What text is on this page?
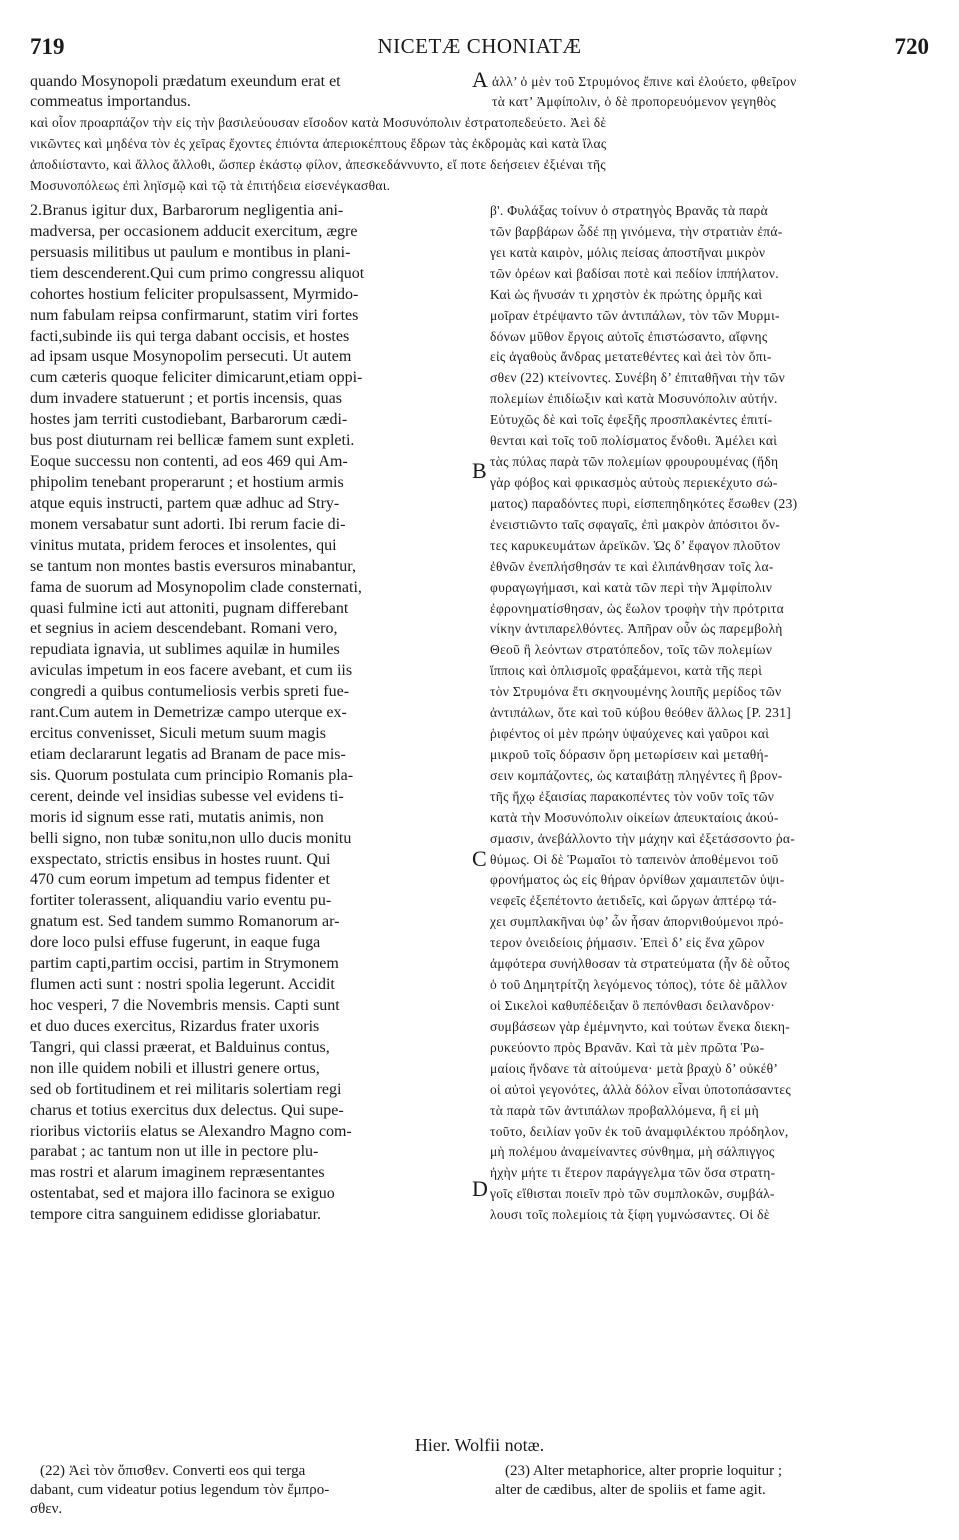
719	NICETÆ CHONIATÆ	720
quando Mosynopoli prædatum exeundum erat et
commeatus importandus.
ἀλλ’ ὁ μὲν τοῦ Στρυμόνος ἔπινε καὶ ἐλούετο, φθεῖρον
τὰ κατ’ Ἀμφίπολιν, ὁ δὲ προπορευόμενον γεγηθὸς
καὶ οἷον προαρπάζον τὴν εἰς τὴν βασιλεύουσαν εἴσοδον κατὰ Μοσυνόπολιν ἐστρατοπεδεύετο. Ἀεὶ δὲ
νικῶντες καὶ μηδένα τὸν ἐς χεῖρας ἔχοντες ἐπιόντα ἀπεριοκέπτους ἔδρων τὰς ἐκδρομὰς καὶ κατὰ ἴλας
ἀποδιίσταντο, καὶ ἄλλος ἄλλοθι, ὥσπερ ἑκάστῳ φίλον, ἀπεσκεδάννυντο, εἴ ποτε δεήσειεν ἐξιέναι τῆς
Μοσυνοπόλεως ἐπὶ ληϊσμῷ καὶ τῷ τὰ ἐπιτήδεια εἰσενέγκασθαι.
A
B
C
D
2.Branus igitur dux, Barbarorum negligentia ani-
madversa, per occasionem adducit exercitum, ægre
persuasis militibus ut paulum e montibus in plani-
tiem descenderent.Qui cum primo congressu aliquot
cohortes hostium feliciter propulsassent, Myrmido-
num fabulam reipsa confirmarunt, statim viri fortes
facti,subinde iis qui terga dabant occisis, et hostes
ad ipsam usque Mosynopolim persecuti. Ut autem
cum cæteris quoque feliciter dimicarunt,etiam oppi-
dum invadere statuerunt ; et portis incensis, quas
hostes jam territi custodiebant, Barbarorum cædi-
bus post diuturnam rei bellicæ famem sunt expleti.
Eoque successu non contenti, ad eos 469 qui Am-
phipolim tenebant properarunt ; et hostium armis
atque equis instructi, partem quæ adhuc ad Stry-
monem versabatur sunt adorti. Ibi rerum facie di-
vinitus mutata, pridem feroces et insolentes, qui
se tantum non montes bastis eversuros minabantur,
fama de suorum ad Mosynopolim clade consternati,
quasi fulmine icti aut attoniti, pugnam differebant
et segnius in aciem descendebant. Romani vero,
repudiata ignavia, ut sublimes aquilæ in humiles
aviculas impetum in eos facere avebant, et cum iis
congredi a quibus contumeliosis verbis spreti fue-
rant.Cum autem in Demetrizæ campo uterque ex-
ercitus convenisset, Siculi metum suum magis
etiam declararunt legatis ad Branam de pace mis-
sis. Quorum postulata cum principio Romanis pla-
cerent, deinde vel insidias subesse vel evidens ti-
moris id signum esse rati, mutatis animis, non
belli signo, non tubæ sonitu,non ullo ducis monitu
exspectato, strictis ensibus in hostes ruunt. Qui
470 cum eorum impetum ad tempus fidenter et
fortiter tolerassent, aliquandiu vario eventu pu-
gnatum est. Sed tandem summo Romanorum ar-
dore loco pulsi effuse fugerunt, in eaque fuga
partim capti,partim occisi, partim in Strymonem
flumen acti sunt : nostri spolia legerunt. Accidit
hoc vesperi, 7 die Novembris mensis. Capti sunt
et duo duces exercitus, Rizardus frater uxoris
Tangri, qui classi præerat, et Balduinus contus,
non ille quidem nobili et illustri genere ortus,
sed ob fortitudinem et rei militaris solertiam regi
charus et totius exercitus dux delectus. Qui supe-
rioribus victoriis elatus se Alexandro Magno com-
parabat ; ac tantum non ut ille in pectore plu-
mas rostri et alarum imaginem repræsentantes
ostentabat, sed et majora illo facinora se exiguo
tempore citra sanguinem edidisse gloriabatur.
β'. Φυλάξας τοίνυν ὁ στρατηγὸς Βρανᾶς τὰ παρὰ
τῶν βαρβάρων ὧδέ πῃ γινόμενα, τὴν στρατιὰν ἐπά-
γει κατὰ καιρὸν, μόλις πείσας ἀποστῆναι μικρὸν
τῶν ὀρέων καὶ βαδίσαι ποτὲ καὶ πεδίον ἱππήλατον.
Καὶ ὡς ἤνυσάν τι χρηστὸν ἐκ πρώτης ὁρμῆς καὶ
μοῖραν ἐτρέψαντο τῶν ἀντιπάλων, τὸν τῶν Μυρμι-
δόνων μῦθον ἔργοις αὐτοῖς ἐπιστώσαντο, αἴφνης
εἰς ἀγαθοὺς ἄνδρας μετατεθέντες καὶ ἀεὶ τὸν ὄπι-
σθεν (22) κτείνοντες. Συνέβη δ’ ἐπιταθῆναι τὴν τῶν
πολεμίων ἐπιδίωξιν καὶ κατὰ Μοσυνόπολιν αὐτήν.
Εὐτυχῶς δὲ καὶ τοῖς ἐφεξῆς προσπλακέντες ἐπιτί-
θενται καὶ τοῖς τοῦ πολίσματος ἔνδοθι. Ἀμέλει καὶ
τὰς πύλας παρὰ τῶν πολεμίων φρουρουμένας (ἤδη
γὰρ φόβος καὶ φρικασμὸς αὐτοὺς περιεκέχυτο σώ-
ματος) παραδόντες πυρὶ, εἰσπεπηδηκότες ἔσωθεν (23)
ἐνειστιῶντο ταῖς σφαγαῖς, ἐπὶ μακρὸν ἀπόσιτοι ὄν-
τες καρυκευμάτων ἀρεϊκῶν. Ὡς δ’ ἔφαγον πλοῦτον
ἐθνῶν ἐνεπλήσθησάν τε καὶ ἐλιπάνθησαν τοῖς λα-
φυραγωγήμασι, καὶ κατὰ τῶν περὶ τὴν Ἀμφίπολιν
ἐφρονηματίσθησαν, ὡς ἕωλον τροφὴν τὴν πρότριτα
νίκην ἀντιπαρελθόντες. Ἀπῆραν οὖν ὡς παρεμβολὴ
Θεοῦ ἢ λεόντων στρατόπεδον, τοῖς τῶν πολεμίων
ἵπποις καὶ ὁπλισμοῖς φραξάμενοι, κατὰ τῆς περὶ
τὸν Στρυμόνα ἔτι σκηνουμένης λοιπῆς μερίδος τῶν
ἀντιπάλων, ὅτε καὶ τοῦ κύβου θεόθεν ἄλλως [P. 231]
ῥιφέντος οἱ μὲν πρώην ὑψαύχενες καὶ γαῦροι καὶ
μικροῦ τοῖς δόρασιν ὄρη μετωρίσειν καὶ μεταθή-
σειν κομπάζοντες, ὡς καταιβάτῃ πληγέντες ἢ βρον-
τῆς ἤχῳ ἐξαισίας παρακοπέντες τὸν νοῦν τοῖς τῶν
κατὰ τὴν Μοσυνόπολιν οἰκείων ἀπευκταίοις ἀκού-
σμασιν, ἀνεβάλλοντο τὴν μάχην καὶ ἐξετάσσοντο ῥα-
θύμως. Οἱ δὲ Ῥωμαῖοι τὸ ταπεινὸν ἀποθέμενοι τοῦ
φρονήματος ὡς εἰς θήραν ὀρνίθων χαμαιπετῶν ὑψι-
νεφεῖς ἐξεπέτοντο ἀετιδεῖς, καὶ ὤργων ἀπτέρῳ τά-
χει συμπλακῆναι ὑφ’ ὧν ἦσαν ἀπορνιθούμενοι πρό-
τερον ὀνειδείοις ῥήμασιν. Ἐπεὶ δ’ εἰς ἕνα χῶρον
ἀμφότερα συνήλθοσαν τὰ στρατεύματα (ἦν δὲ οὗτος
ὁ τοῦ Δημητρίτζη λεγόμενος τόπος), τότε δὲ μᾶλλον
οἱ Σικελοὶ καθυπέδειξαν ὃ πεπόνθασι δειλανδρον·
συμβάσεων γὰρ ἐμέμνηντο, καὶ τούτων ἕνεκα διεκη-
ρυκεύοντο πρὸς Βρανᾶν. Καὶ τὰ μὲν πρῶτα Ῥω-
μαίοις ἥνδανε τὰ αἰτούμενα· μετὰ βραχὺ δ’ οὐκέθ’
οἱ αὐτοὶ γεγονότες, ἀλλὰ δόλον εἶναι ὑποτοπάσαντες
τὰ παρὰ τῶν ἀντιπάλων προβαλλόμενα, ἢ εἰ μὴ
τοῦτο, δειλίαν γοῦν ἐκ τοῦ ἀναμφιλέκτου πρόδηλον,
μὴ πολέμου ἀναμείναντες σύνθημα, μὴ σάλπιγγος
ἠχὴν μήτε τι ἕτερον παράγγελμα τῶν ὅσα στρατη-
γοῖς εἴθισται ποιεῖν πρὸ τῶν συμπλοκῶν, συμβάλ-
λουσι τοῖς πολεμίοις τὰ ξίφη γυμνώσαντες. Οἱ δὲ
Hier. Wolfii notæ.
(22) Ἀεὶ τὸν ὄπισθεν. Converti eos qui terga
dabant, cum videatur potius legendum τὸν ἔμπρο-
σθεν.
(23) Alter metaphorice, alter proprie loquitur ;
alter de cædibus, alter de spoliis et fame agit.
